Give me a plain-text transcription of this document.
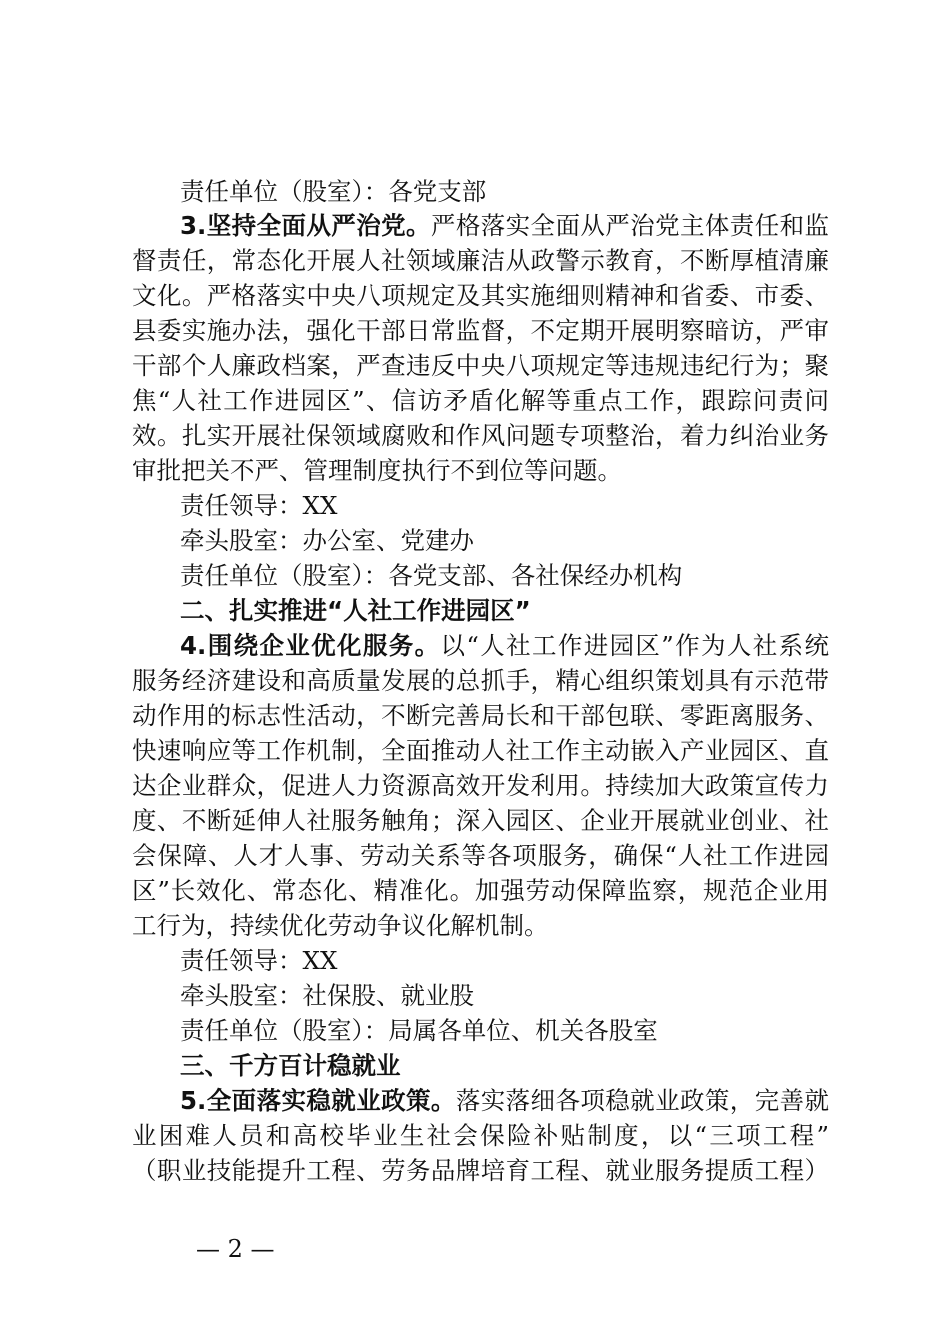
责任单位（股室）：各党支部
3.坚持全面从严治党。严格落实全面从严治党主体责任和监
督责任，常态化开展人社领域廉洁从政警示教育，不断厚植清廉
文化。严格落实中央八项规定及其实施细则精神和省委、市委、
县委实施办法，强化干部日常监督，不定期开展明察暗访，严审
干部个人廉政档案，严查违反中央八项规定等违规违纪行为；聚
焦“人社工作进园区”、信访矛盾化解等重点工作，跟踪问责问
效。扎实开展社保领域腐败和作风问题专项整治，着力纠治业务
审批把关不严、管理制度执行不到位等问题。
责任领导：XX
牵头股室：办公室、党建办
责任单位（股室）：各党支部、各社保经办机构
二、扎实推进“人社工作进园区”
4.围绕企业优化服务。以“人社工作进园区”作为人社系统
服务经济建设和高质量发展的总抓手，精心组织策划具有示范带
动作用的标志性活动，不断完善局长和干部包联、零距离服务、
快速响应等工作机制，全面推动人社工作主动嵌入产业园区、直
达企业群众，促进人力资源高效开发利用。持续加大政策宣传力
度、不断延伸人社服务触角；深入园区、企业开展就业创业、社
会保障、人才人事、劳动关系等各项服务，确保“人社工作进园
区”长效化、常态化、精准化。加强劳动保障监察，规范企业用
工行为，持续优化劳动争议化解机制。
责任领导：XX
牵头股室：社保股、就业股
责任单位（股室）：局属各单位、机关各股室
三、千方百计稳就业
5.全面落实稳就业政策。落实落细各项稳就业政策，完善就
业困难人员和高校毕业生社会保险补贴制度，以“三项工程”
（职业技能提升工程、劳务品牌培育工程、就业服务提质工程）
— 2 —
